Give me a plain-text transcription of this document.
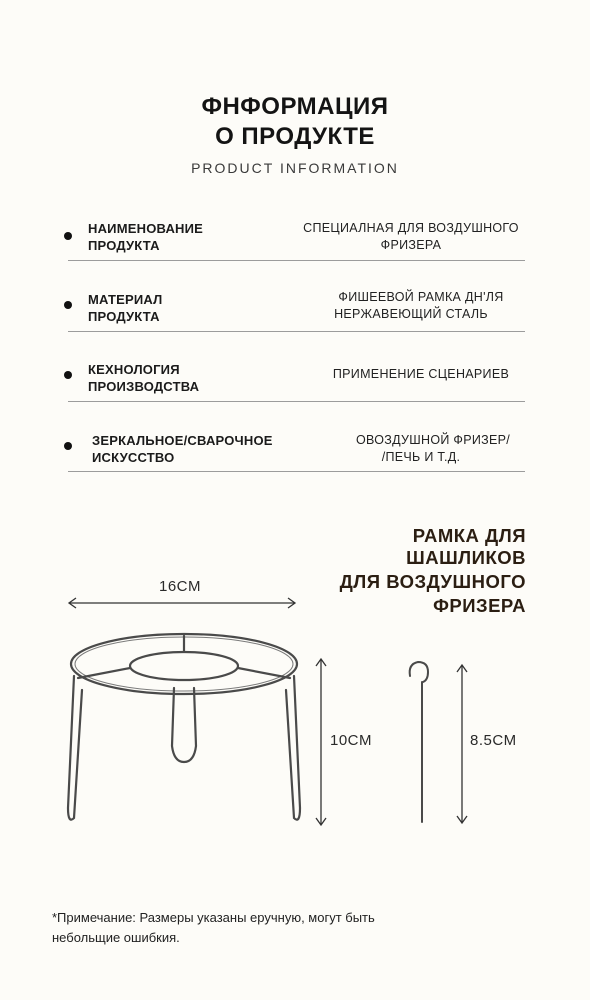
ФНФОРМАЦИЯ
О ПРОДУКТЕ
PRODUCT INFORMATION
НАИМЕНОВАНИЕ
ПРОДУКТА
СПЕЦИАЛНАЯ ДЛЯ ВОЗДУШНОГО
ФРИЗЕРА
МАТЕРИАЛ
ПРОДУКТА
ФИШЕЕВОЙ РАМКА ДН'ЛЯ
НЕРЖАВЕЮЩИЙ СТАЛЬ
КЕХНОЛОГИЯ
ПРОИЗВОДСТВА
ПРИМЕНЕНИЕ СЦЕНАРИЕВ
ЗЕРКАЛЬНОЕ/СВАРОЧНОЕ
ИСКУССТВО
ОВОЗДУШНОЙ ФРИЗЕР/
/ПЕЧЬ И Т.Д.
РАМКА ДЛЯ
ШАШЛИКОВ
ДЛЯ ВОЗДУШНОГО
ФРИЗЕРА
16CM
10CM	8.5CM
*Примечание: Размеры указаны еручную, могут быть
небольщие ошибкия.
